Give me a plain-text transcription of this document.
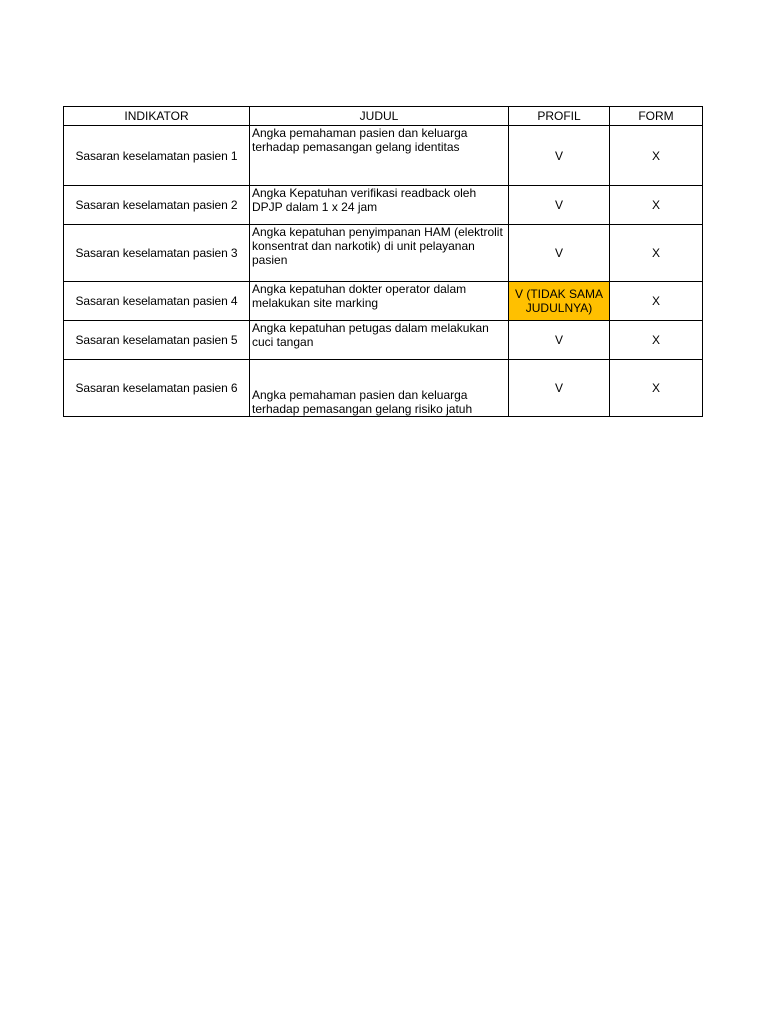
INDIKATOR	JUDUL	PROFIL	FORM
Sasaran keselamatan pasien 1	Angka pemahaman pasien dan keluarga terhadap pemasangan gelang identitas	V	X
Sasaran keselamatan pasien 2	Angka Kepatuhan verifikasi readback oleh DPJP dalam 1 x 24 jam	V	X
Sasaran keselamatan pasien 3	Angka kepatuhan penyimpanan HAM (elektrolit konsentrat dan narkotik) di unit pelayanan pasien	V	X
Sasaran keselamatan pasien 4	Angka kepatuhan dokter operator dalam melakukan site marking	V (TIDAK SAMA JUDULNYA)	X
Sasaran keselamatan pasien 5	Angka kepatuhan petugas dalam melakukan cuci tangan	V	X
Sasaran keselamatan pasien 6	Angka pemahaman pasien dan keluarga terhadap pemasangan gelang risiko jatuh	V	X
